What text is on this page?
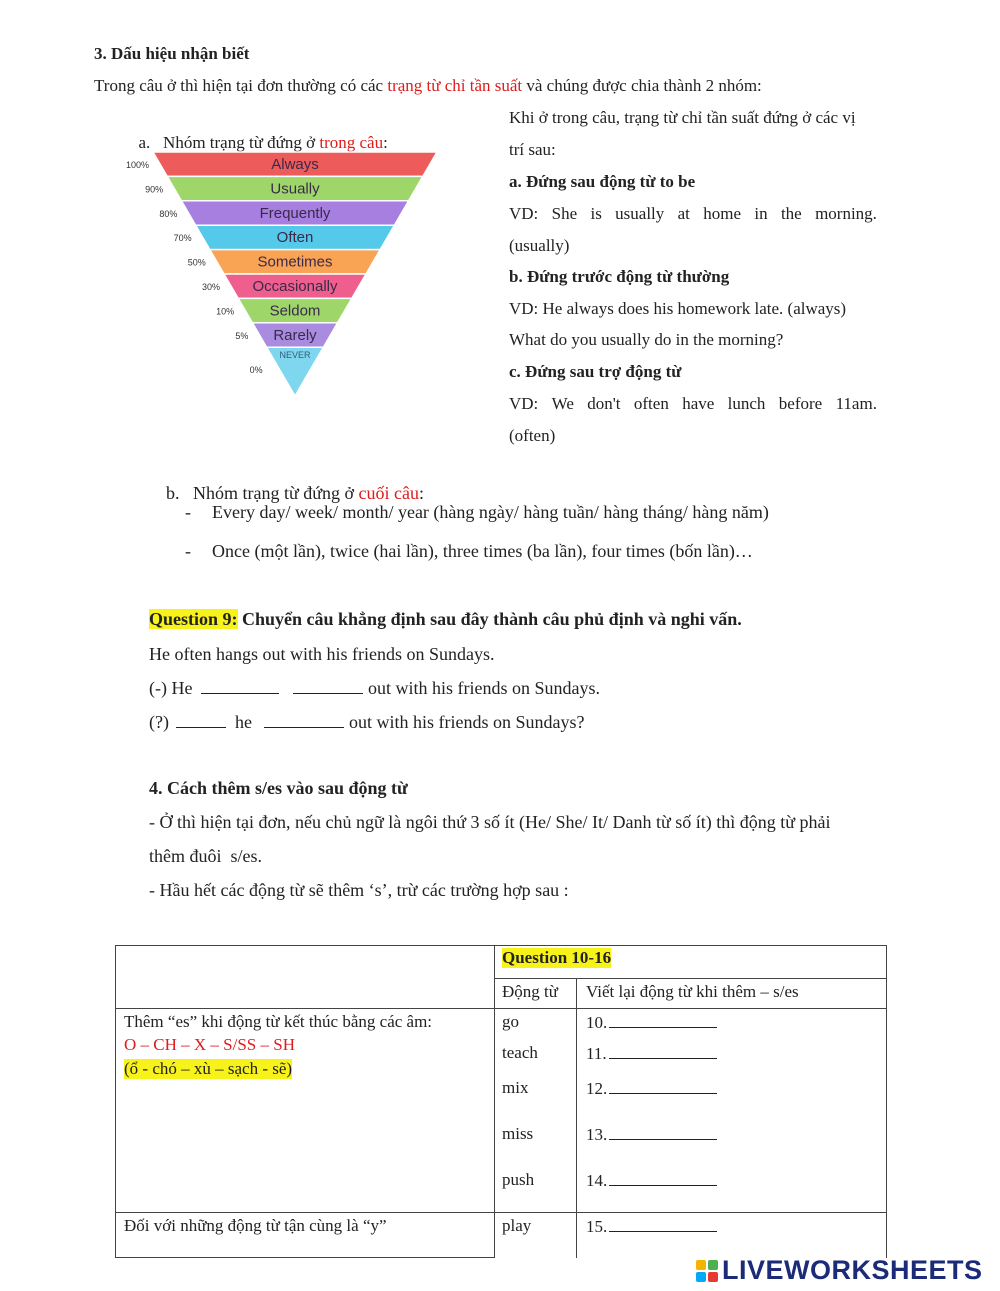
3. Dấu hiệu nhận biết
Trong câu ở thì hiện tại đơn thường có các trạng từ chỉ tần suất và chúng được chia thành 2 nhóm:

a.   Nhóm trạng từ đứng ở trong câu:

Always
100%
Usually
90%
Frequently
80%
Often
70%
Sometimes
50%
Occasionally
30%
Seldom
10%
Rarely
5%
NEVER
0%
Khi ở trong câu, trạng từ chỉ tần suất đứng ở các vị
trí sau:
a. Đứng sau động từ to be
VD: She is usually at home in the morning.
(usually)
b. Đứng trước động từ thường
VD: He always does his homework late. (always)
What do you usually do in the morning?
c. Đứng sau trợ động từ
VD: We don't often have lunch before 11am.
(often)

b.   Nhóm trạng từ đứng ở cuối câu:

- Every day/ week/ month/ year (hàng ngày/ hàng tuần/ hàng tháng/ hàng năm)
- Once (một lần), twice (hai lần), three times (ba lần), four times (bốn lần)…
Question 9: Chuyển câu khẳng định sau đây thành câu phủ định và nghi vấn.
He often hangs out with his friends on Sundays.
(-) He	out with his friends on Sundays.
(?)	he	out with his friends on Sundays?
4. Cách thêm s/es vào sau động từ
- Ở thì hiện tại đơn, nếu chủ ngữ là ngôi thứ 3 số ít (He/ She/ It/ Danh từ số ít) thì động từ phải
thêm đuôi  s/es.
- Hầu hết các động từ sẽ thêm ‘s’, trừ các trường hợp sau :
Question 10-16
Động từ Viết lại động từ khi thêm – s/es
Thêm “es” khi động từ kết thúc bằng các âm:
O – CH – X – S/SS – SH
(ổ - chó – xù – sạch - sẽ)
go	10.
teach	11.
mix	12.
miss	13.
push	14.
Đối với những động từ tận cùng là “y”	play	15.
LIVEWORKSHEETS
